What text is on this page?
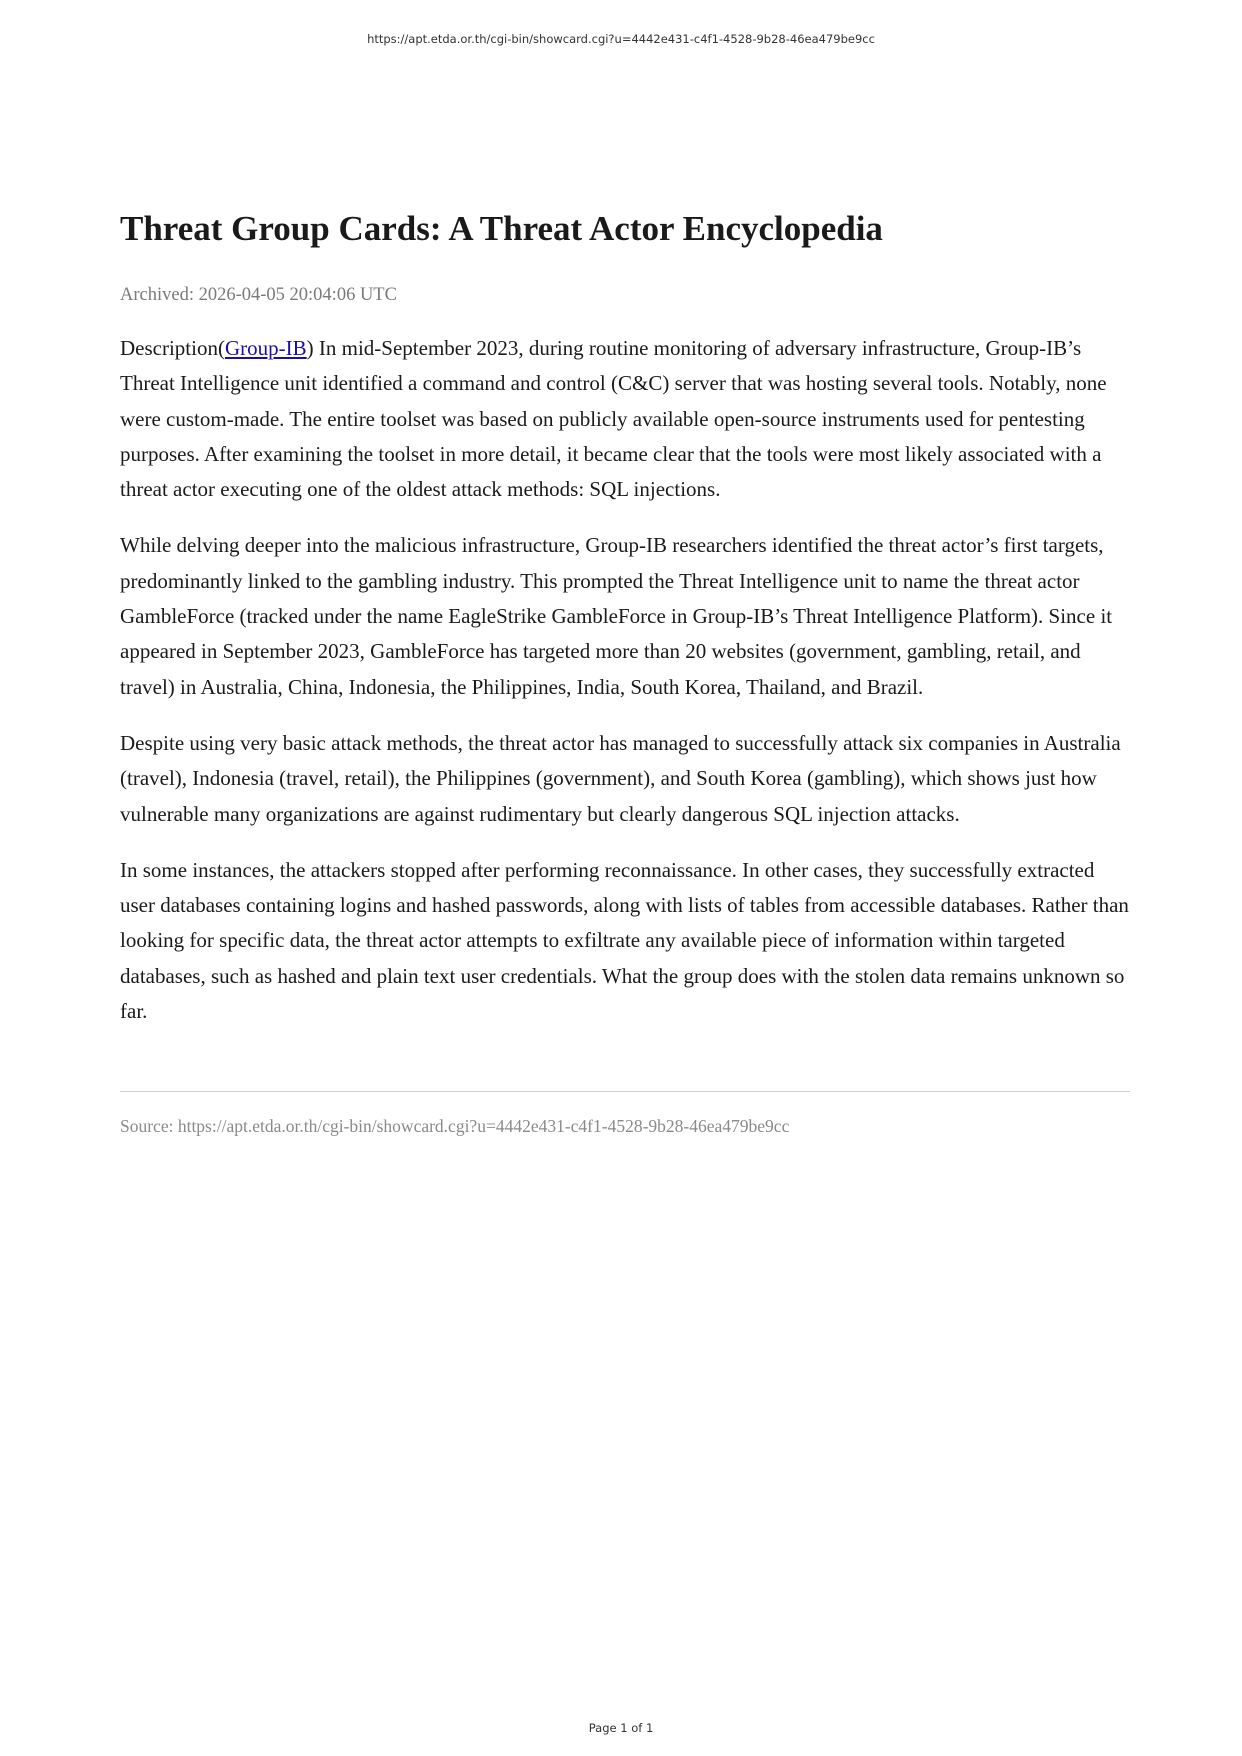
https://apt.etda.or.th/cgi-bin/showcard.cgi?u=4442e431-c4f1-4528-9b28-46ea479be9cc
Threat Group Cards: A Threat Actor Encyclopedia
Archived: 2026-04-05 20:04:06 UTC

Description(Group-IB) In mid-September 2023, during routine monitoring of adversary infrastructure, Group-IB’s Threat Intelligence unit identified a command and control (C&C) server that was hosting several tools. Notably, none were custom-made. The entire toolset was based on publicly available open-source instruments used for pentesting purposes. After examining the toolset in more detail, it became clear that the tools were most likely associated with a threat actor executing one of the oldest attack methods: SQL injections.

While delving deeper into the malicious infrastructure, Group-IB researchers identified the threat actor’s first targets, predominantly linked to the gambling industry. This prompted the Threat Intelligence unit to name the threat actor GambleForce (tracked under the name EagleStrike GambleForce in Group-IB’s Threat Intelligence Platform). Since it appeared in September 2023, GambleForce has targeted more than 20 websites (government, gambling, retail, and travel) in Australia, China, Indonesia, the Philippines, India, South Korea, Thailand, and Brazil.

Despite using very basic attack methods, the threat actor has managed to successfully attack six companies in Australia (travel), Indonesia (travel, retail), the Philippines (government), and South Korea (gambling), which shows just how vulnerable many organizations are against rudimentary but clearly dangerous SQL injection attacks.

In some instances, the attackers stopped after performing reconnaissance. In other cases, they successfully extracted user databases containing logins and hashed passwords, along with lists of tables from accessible databases. Rather than looking for specific data, the threat actor attempts to exfiltrate any available piece of information within targeted databases, such as hashed and plain text user credentials. What the group does with the stolen data remains unknown so far.

Source: https://apt.etda.or.th/cgi-bin/showcard.cgi?u=4442e431-c4f1-4528-9b28-46ea479be9cc
Page 1 of 1
